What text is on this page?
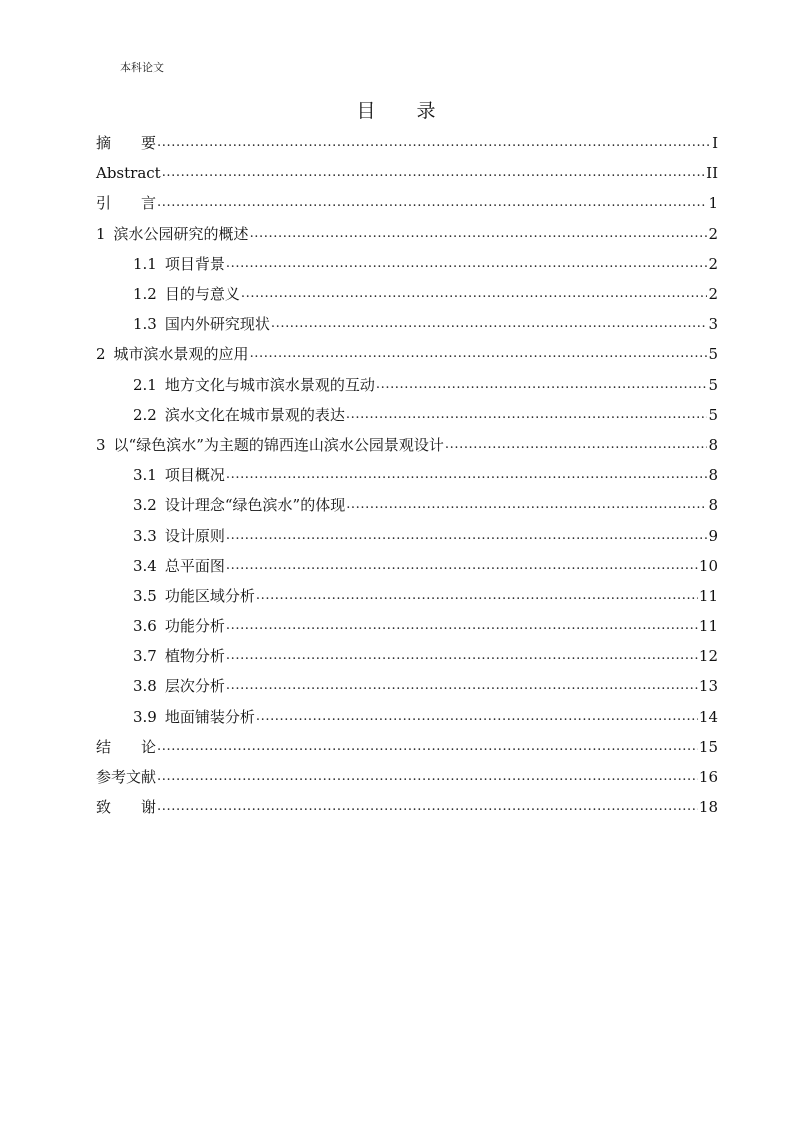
本科论文
目 录
摘　　要 .....	I
Abstract .....	II
引　　言 .....	1
1 滨水公园研究的概述 .....	2
1.1 项目背景 .....	2
1.2 目的与意义 .....	2
1.3 国内外研究现状 .....	3
2 城市滨水景观的应用 .....	5
2.1 地方文化与城市滨水景观的互动 .....	5
2.2 滨水文化在城市景观的表达 .....	5
3 以“绿色滨水”为主题的锦西连山滨水公园景观设计 .....	8
3.1 项目概况 .....	8
3.2 设计理念“绿色滨水”的体现 .....	8
3.3 设计原则 .....	9
3.4 总平面图 .....	10
3.5 功能区域分析 .....	11
3.6 功能分析 .....	11
3.7 植物分析 .....	12
3.8 层次分析 .....	13
3.9 地面铺装分析 .....	14
结　　论 .....	15
参考文献 .....	16
致　　谢 .....	18
